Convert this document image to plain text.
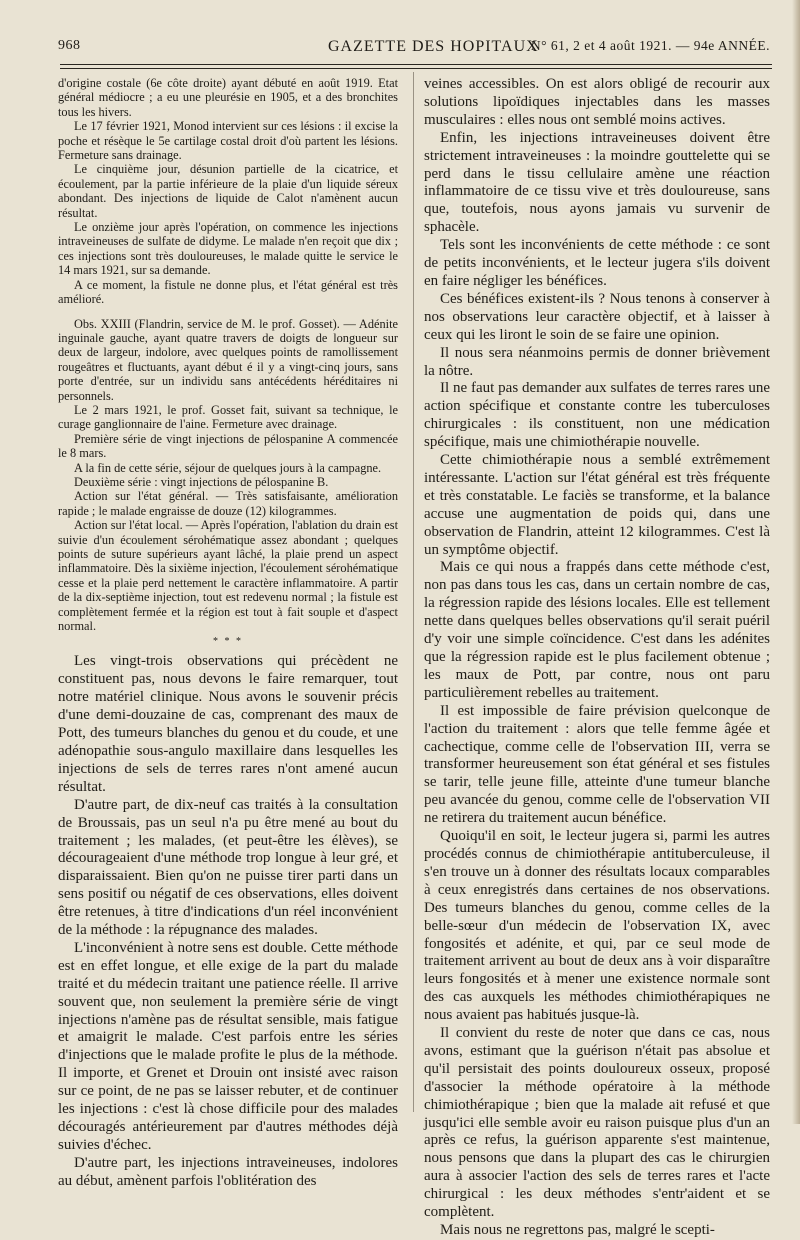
968	GAZETTE DES HOPITAUX
N° 61, 2 et 4 août 1921. — 94e ANNÉE.

d'origine costale (6e côte droite) ayant débuté en août 1919. Etat général médiocre ; a eu une pleurésie en 1905, et a des bronchites tous les hivers.

Le 17 février 1921, Monod intervient sur ces lésions : il excise la poche et résèque le 5e cartilage costal droit d'où partent les lésions. Fermeture sans drainage.

Le cinquième jour, désunion partielle de la cicatrice, et écoulement, par la partie inférieure de la plaie d'un liquide séreux abondant. Des injections de liquide de Calot n'amènent aucun résultat.

Le onzième jour après l'opération, on commence les injections intraveineuses de sulfate de didyme. Le malade n'en reçoit que dix ; ces injections sont très douloureuses, le malade quitte le service le 14 mars 1921, sur sa demande.

A ce moment, la fistule ne donne plus, et l'état général est très amélioré.

Obs. XXIII (Flandrin, service de M. le prof. Gosset). — Adénite inguinale gauche, ayant quatre travers de doigts de longueur sur deux de largeur, indolore, avec quelques points de ramollissement rougeâtres et fluctuants, ayant début é il y a vingt-cinq jours, sans porte d'entrée, sur un individu sans antécédents héréditaires ni personnels.

Le 2 mars 1921, le prof. Gosset fait, suivant sa technique, le curage ganglionnaire de l'aine. Fermeture avec drainage.

Première série de vingt injections de pélospanine A commencée le 8 mars.

A la fin de cette série, séjour de quelques jours à la campagne.

Deuxième série : vingt injections de pélospanine B.

Action sur l'état général. — Très satisfaisante, amélioration rapide ; le malade engraisse de douze (12) kilogrammes.

Action sur l'état local. — Après l'opération, l'ablation du drain est suivie d'un écoulement sérohématique assez abondant ; quelques points de suture supérieurs ayant lâché, la plaie prend un aspect inflammatoire. Dès la sixième injection, l'écoulement sérohématique cesse et la plaie perd nettement le caractère inflammatoire. A partir de la dix-septième injection, tout est redevenu normal ; la fistule est complètement fermée et la région est tout à fait souple et d'aspect normal.

* * *

Les vingt-trois observations qui précèdent ne constituent pas, nous devons le faire remarquer, tout notre matériel clinique. Nous avons le souvenir précis d'une demi-douzaine de cas, comprenant des maux de Pott, des tumeurs blanches du genou et du coude, et une adénopathie sous-angulo maxillaire dans lesquelles les injections de sels de terres rares n'ont amené aucun résultat.

D'autre part, de dix-neuf cas traités à la consultation de Broussais, pas un seul n'a pu être mené au bout du traitement ; les malades, (et peut-être les élèves), se décourageaient d'une méthode trop longue à leur gré, et disparaissaient. Bien qu'on ne puisse tirer parti dans un sens positif ou négatif de ces observations, elles doivent être retenues, à titre d'indications d'un réel inconvénient de la méthode : la répugnance des malades.

L'inconvénient à notre sens est double. Cette méthode est en effet longue, et elle exige de la part du malade traité et du médecin traitant une patience réelle. Il arrive souvent que, non seulement la première série de vingt injections n'amène pas de résultat sensible, mais fatigue et amaigrit le malade. C'est parfois entre les séries d'injections que le malade profite le plus de la méthode. Il importe, et Grenet et Drouin ont insisté avec raison sur ce point, de ne pas se laisser rebuter, et de continuer les injections : c'est là chose difficile pour des malades découragés antérieurement par d'autres méthodes déjà suivies d'échec.

D'autre part, les injections intraveineuses, indolores au début, amènent parfois l'oblitération des

veines accessibles. On est alors obligé de recourir aux solutions lipoïdiques injectables dans les masses musculaires : elles nous ont semblé moins actives.

Enfin, les injections intraveineuses doivent être strictement intraveineuses : la moindre gouttelette qui se perd dans le tissu cellulaire amène une réaction inflammatoire de ce tissu vive et très douloureuse, sans que, toutefois, nous ayons jamais vu survenir de sphacèle.

Tels sont les inconvénients de cette méthode : ce sont de petits inconvénients, et le lecteur jugera s'ils doivent en faire négliger les bénéfices.

Ces bénéfices existent-ils ? Nous tenons à conserver à nos observations leur caractère objectif, et à laisser à ceux qui les liront le soin de se faire une opinion.

Il nous sera néanmoins permis de donner brièvement la nôtre.

Il ne faut pas demander aux sulfates de terres rares une action spécifique et constante contre les tuberculoses chirurgicales : ils constituent, non une médication spécifique, mais une chimiothérapie nouvelle.

Cette chimiothérapie nous a semblé extrêmement intéressante. L'action sur l'état général est très fréquente et très constatable. Le faciès se transforme, et la balance accuse une augmentation de poids qui, dans une observation de Flandrin, atteint 12 kilogrammes. C'est là un symptôme objectif.

Mais ce qui nous a frappés dans cette méthode c'est, non pas dans tous les cas, dans un certain nombre de cas, la régression rapide des lésions locales. Elle est tellement nette dans quelques belles observations qu'il serait puéril d'y voir une simple coïncidence. C'est dans les adénites que la régression rapide est le plus facilement obtenue ; les maux de Pott, par contre, nous ont paru particulièrement rebelles au traitement.

Il est impossible de faire prévision quelconque de l'action du traitement : alors que telle femme âgée et cachectique, comme celle de l'observation III, verra se transformer heureusement son état général et ses fistules se tarir, telle jeune fille, atteinte d'une tumeur blanche peu avancée du genou, comme celle de l'observation VII ne retirera du traitement aucun bénéfice.

Quoiqu'il en soit, le lecteur jugera si, parmi les autres procédés connus de chimiothérapie antituberculeuse, il s'en trouve un à donner des résultats locaux comparables à ceux enregistrés dans certaines de nos observations. Des tumeurs blanches du genou, comme celles de la belle-sœur d'un médecin de l'observation IX, avec fongosités et adénite, et qui, par ce seul mode de traitement arrivent au bout de deux ans à voir disparaître leurs fongosités et à mener une existence normale sont des cas auxquels les méthodes chimiothérapiques ne nous avaient pas habitués jusque-là.

Il convient du reste de noter que dans ce cas, nous avons, estimant que la guérison n'était pas absolue et qu'il persistait des points douloureux osseux, proposé d'associer la méthode opératoire à la méthode chimiothérapique ; bien que la malade ait refusé et que jusqu'ici elle semble avoir eu raison puisque plus d'un an après ce refus, la guérison apparente s'est maintenue, nous pensons que dans la plupart des cas le chirurgien aura à associer l'action des sels de terres rares et l'acte chirurgical : les deux méthodes s'entr'aident et se complètent.

Mais nous ne regrettons pas, malgré le scepti-
